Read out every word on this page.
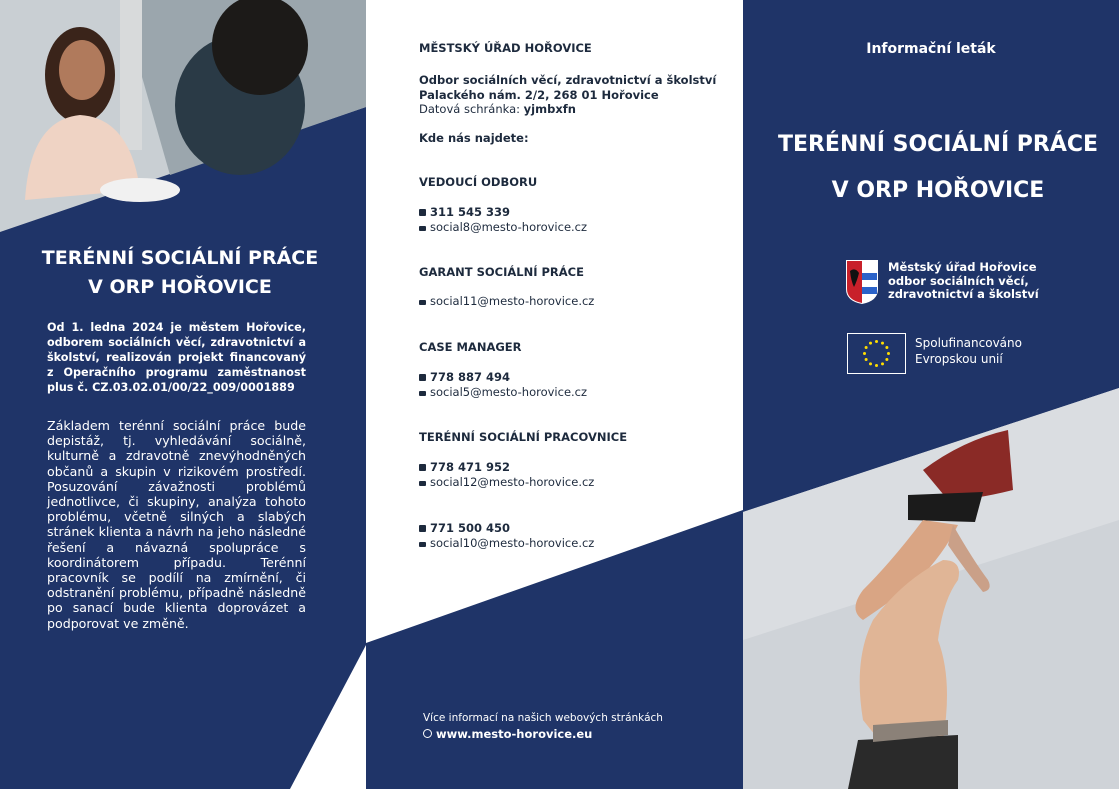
TERÉNNÍ SOCIÁLNÍ PRÁCE
V ORP HOŘOVICE

Od 1. ledna 2024 je městem Hořovice, odborem sociálních věcí, zdravotnictví a školství, realizován projekt financovaný z Operačního programu zaměstnanost plus č. CZ.03.02.01/00/22_009/0001889

Základem terénní sociální práce bude depistáž, tj. vyhledávání sociálně, kulturně a zdravotně znevýhodněných občanů a skupin v rizikovém prostředí. Posuzování závažnosti problémů jednotlivce, či skupiny, analýza tohoto problému, včetně silných a slabých stránek klienta a návrh na jeho následné řešení a návazná spolupráce s koordinátorem případu. Terénní pracovník se podílí na zmírnění, či odstranění problému, případně následně po sanací bude klienta doprovázet a podporovat ve změně.

MĚSTSKÝ ÚŘAD HOŘOVICE
Odbor sociálních věcí, zdravotnictví a školství
Palackého nám. 2/2, 268 01 Hořovice
Datová schránka: yjmbxfn
Kde nás najdete:
VEDOUCÍ ODBORU
311 545 339
social8@mesto-horovice.cz
GARANT SOCIÁLNÍ PRÁCE
social11@mesto-horovice.cz
CASE MANAGER
778 887 494
social5@mesto-horovice.cz
TERÉNNÍ SOCIÁLNÍ PRACOVNICE
778 471 952
social12@mesto-horovice.cz
771 500 450
social10@mesto-horovice.cz
Více informací na našich webových stránkách
www.mesto-horovice.eu
Informační leták
TERÉNNÍ SOCIÁLNÍ PRÁCE
V ORP HOŘOVICE
Městský úřad Hořovice
odbor sociálních věcí,
zdravotnictví a školství
Spolufinancováno
Evropskou unií
